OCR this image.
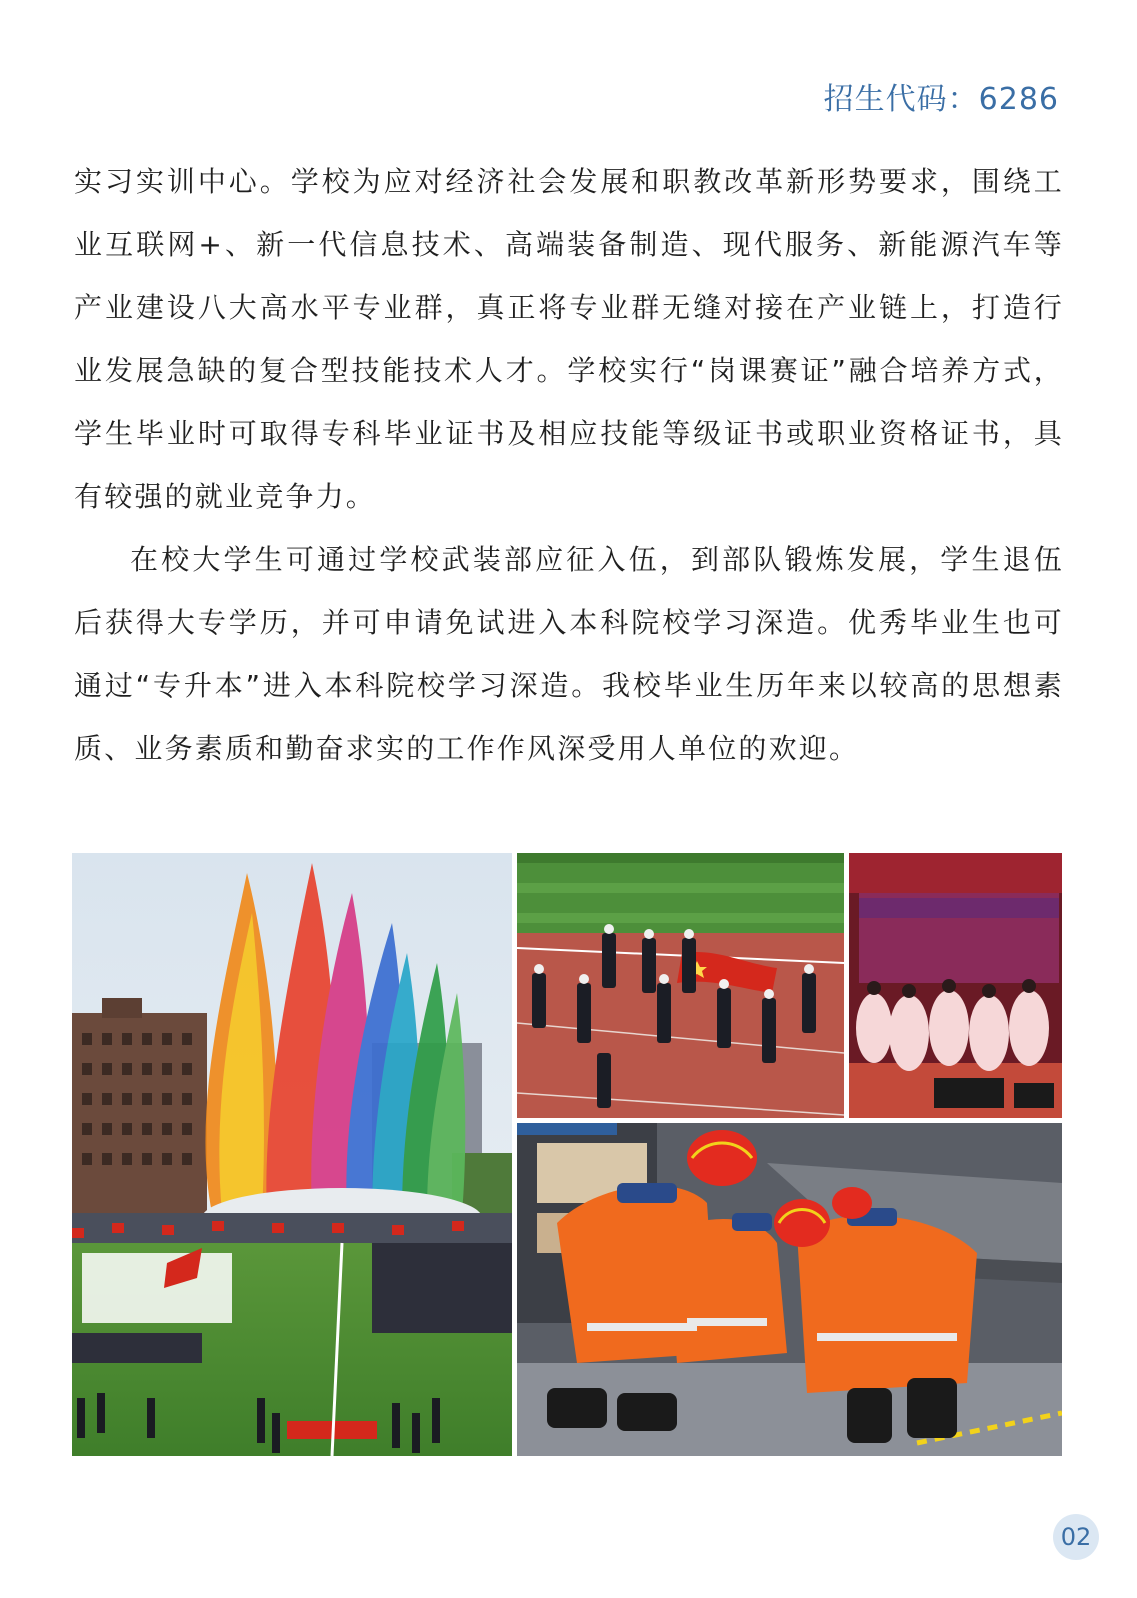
招生代码：6286

实习实训中心。学校为应对经济社会发展和职教改革新形势要求，围绕工业互联网+、新一代信息技术、高端装备制造、现代服务、新能源汽车等产业建设八大高水平专业群，真正将专业群无缝对接在产业链上，打造行业发展急缺的复合型技能技术人才。学校实行“岗课赛证”融合培养方式，学生毕业时可取得专科毕业证书及相应技能等级证书或职业资格证书，具有较强的就业竞争力。

在校大学生可通过学校武装部应征入伍，到部队锻炼发展，学生退伍后获得大专学历，并可申请免试进入本科院校学习深造。优秀毕业生也可通过“专升本”进入本科院校学习深造。我校毕业生历年来以较高的思想素质、业务素质和勤奋求实的工作作风深受用人单位的欢迎。

02
